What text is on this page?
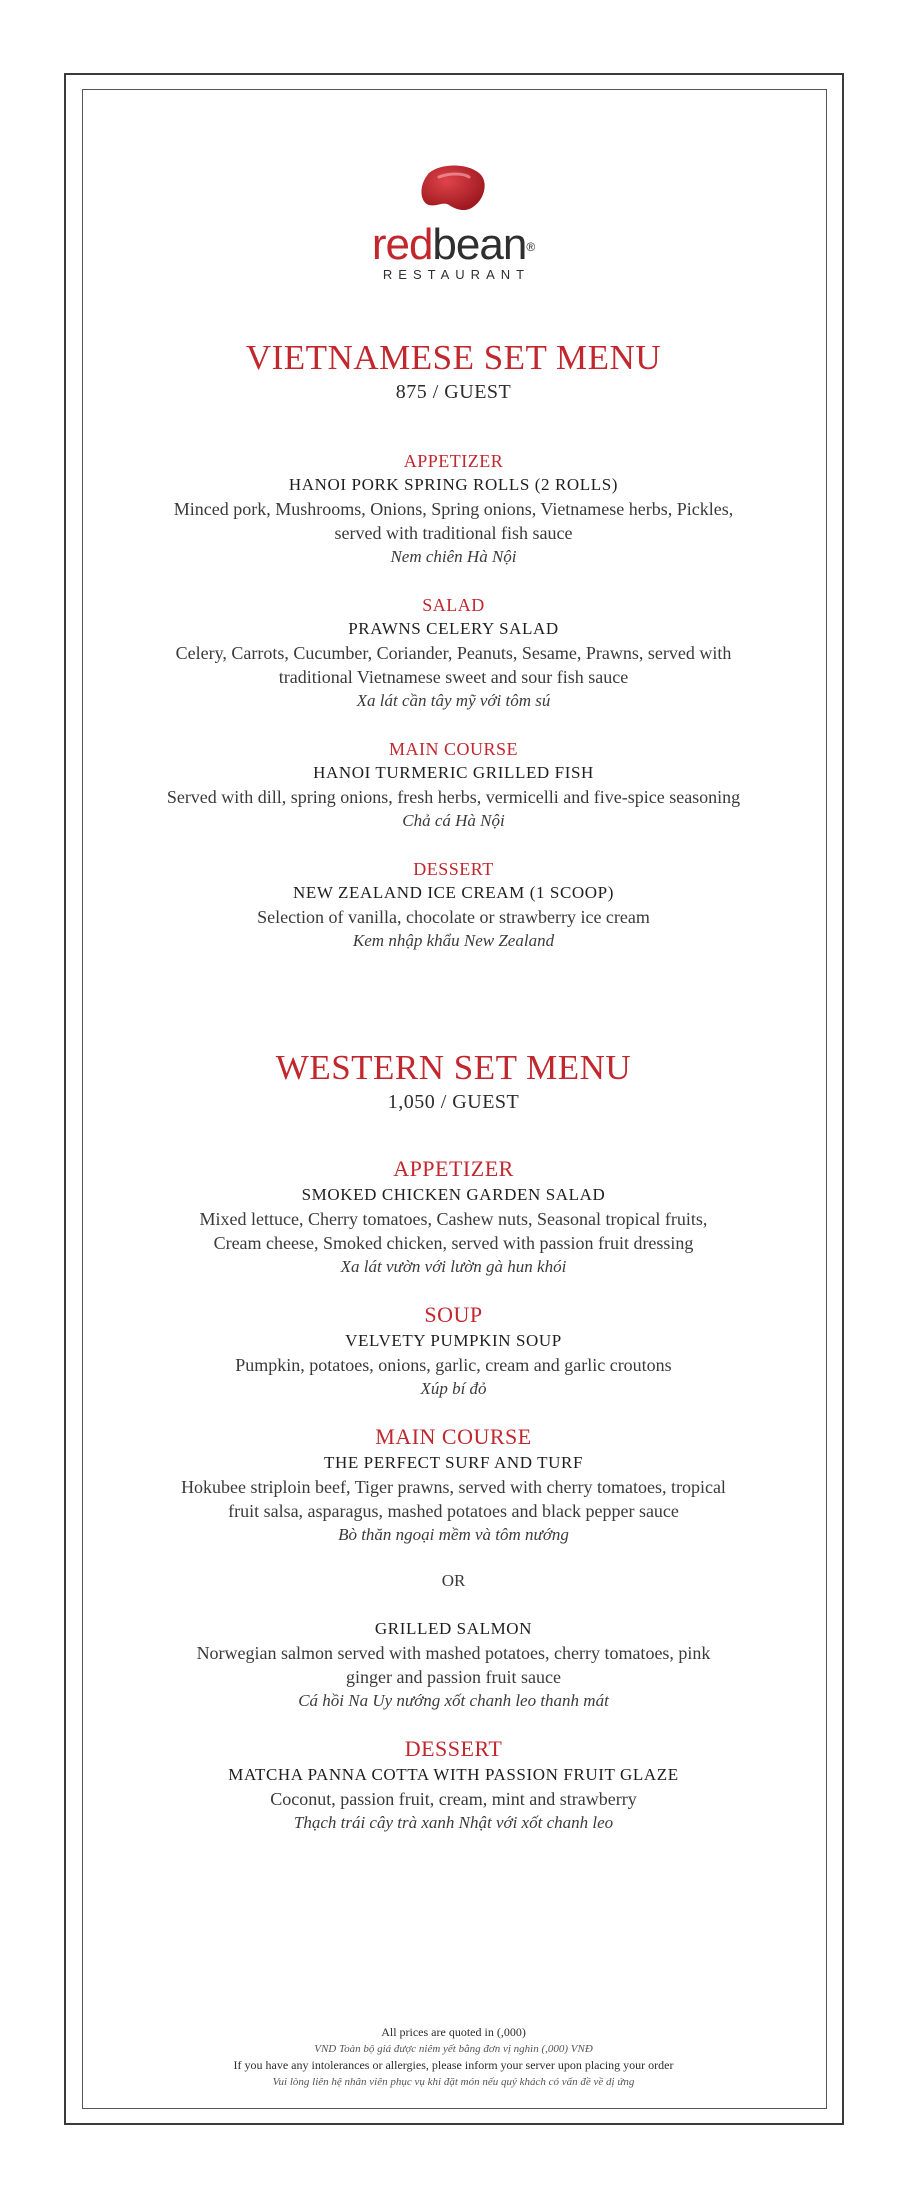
redbean®
RESTAURANT
VIETNAMESE SET MENU
875 / GUEST
APPETIZER
HANOI PORK SPRING ROLLS (2 ROLLS)
Minced pork, Mushrooms, Onions, Spring onions, Vietnamese herbs, Pickles,
served with traditional fish sauce
Nem chiên Hà Nội
SALAD
PRAWNS CELERY SALAD
Celery, Carrots, Cucumber, Coriander, Peanuts, Sesame, Prawns, served with
traditional Vietnamese sweet and sour fish sauce
Xa lát cần tây mỹ với tôm sú
MAIN COURSE
HANOI TURMERIC GRILLED FISH
Served with dill, spring onions, fresh herbs, vermicelli and five-spice seasoning
Chả cá Hà Nội
DESSERT
NEW ZEALAND ICE CREAM (1 SCOOP)
Selection of vanilla, chocolate or strawberry ice cream
Kem nhập khẩu New Zealand
WESTERN SET MENU
1,050 / GUEST
APPETIZER
SMOKED CHICKEN GARDEN SALAD
Mixed lettuce, Cherry tomatoes, Cashew nuts, Seasonal tropical fruits,
Cream cheese, Smoked chicken, served with passion fruit dressing
Xa lát vườn với lườn gà hun khói
SOUP
VELVETY PUMPKIN SOUP
Pumpkin, potatoes, onions, garlic, cream and garlic croutons
Xúp bí đỏ
MAIN COURSE
THE PERFECT SURF AND TURF
Hokubee striploin beef, Tiger prawns, served with cherry tomatoes, tropical
fruit salsa, asparagus, mashed potatoes and black pepper sauce
Bò thăn ngoại mềm và tôm nướng
OR
GRILLED SALMON
Norwegian salmon served with mashed potatoes, cherry tomatoes, pink
ginger and passion fruit sauce
Cá hồi Na Uy nướng xốt chanh leo thanh mát
DESSERT
MATCHA PANNA COTTA WITH PASSION FRUIT GLAZE
Coconut, passion fruit, cream, mint and strawberry
Thạch trái cây trà xanh Nhật với xốt chanh leo
All prices are quoted in (,000)
VND Toàn bộ giá được niêm yết bằng đơn vị nghìn (,000) VNĐ
If you have any intolerances or allergies, please inform your server upon placing your order
Vui lòng liên hệ nhân viên phục vụ khi đặt món nếu quý khách có vấn đề về dị ứng
